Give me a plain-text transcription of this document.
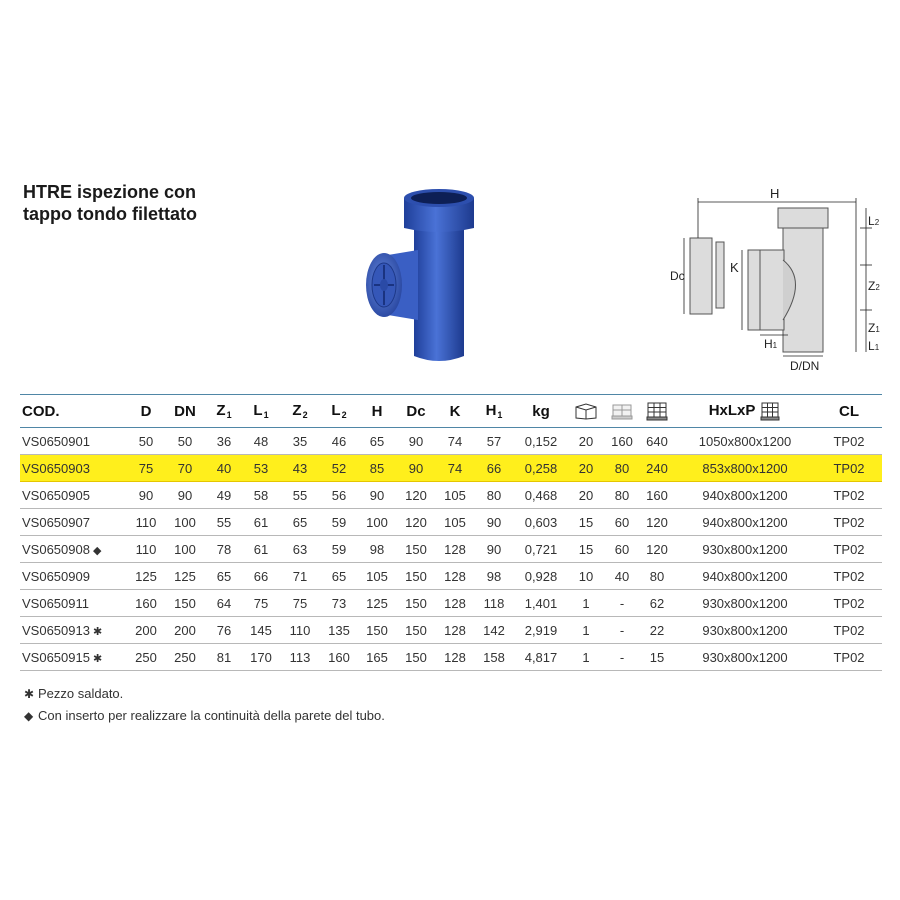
HTRE ispezione con
tappo tondo filettato
H
L2
Z2
Z1
L1
Dc
K
H1
D/DN
COD.	D	DN	$Z_1$	$L_1$	$Z_2$	$L_2$	H	Dc	K	$H_1$	kg				HxLxP	CL
VS0650901	50	50	36	48	35	46	65	90	74	57	0,152	20	160	640	1050x800x1200	TP02
VS0650903	75	70	40	53	43	52	85	90	74	66	0,258	20	80	240	853x800x1200	TP02
VS0650905	90	90	49	58	55	56	90	120	105	80	0,468	20	80	160	940x800x1200	TP02
VS0650907	110	100	55	61	65	59	100	120	105	90	0,603	15	60	120	940x800x1200	TP02
VS0650908 ◆	110	100	78	61	63	59	98	150	128	90	0,721	15	60	120	930x800x1200	TP02
VS0650909	125	125	65	66	71	65	105	150	128	98	0,928	10	40	80	940x800x1200	TP02
VS0650911	160	150	64	75	75	73	125	150	128	118	1,401	1	-	62	930x800x1200	TP02
VS0650913 ✱	200	200	76	145	110	135	150	150	128	142	2,919	1	-	22	930x800x1200	TP02
VS0650915 ✱	250	250	81	170	113	160	165	150	128	158	4,817	1	-	15	930x800x1200	TP02
✱ Pezzo saldato.
◆ Con inserto per realizzare la continuità della parete del tubo.
